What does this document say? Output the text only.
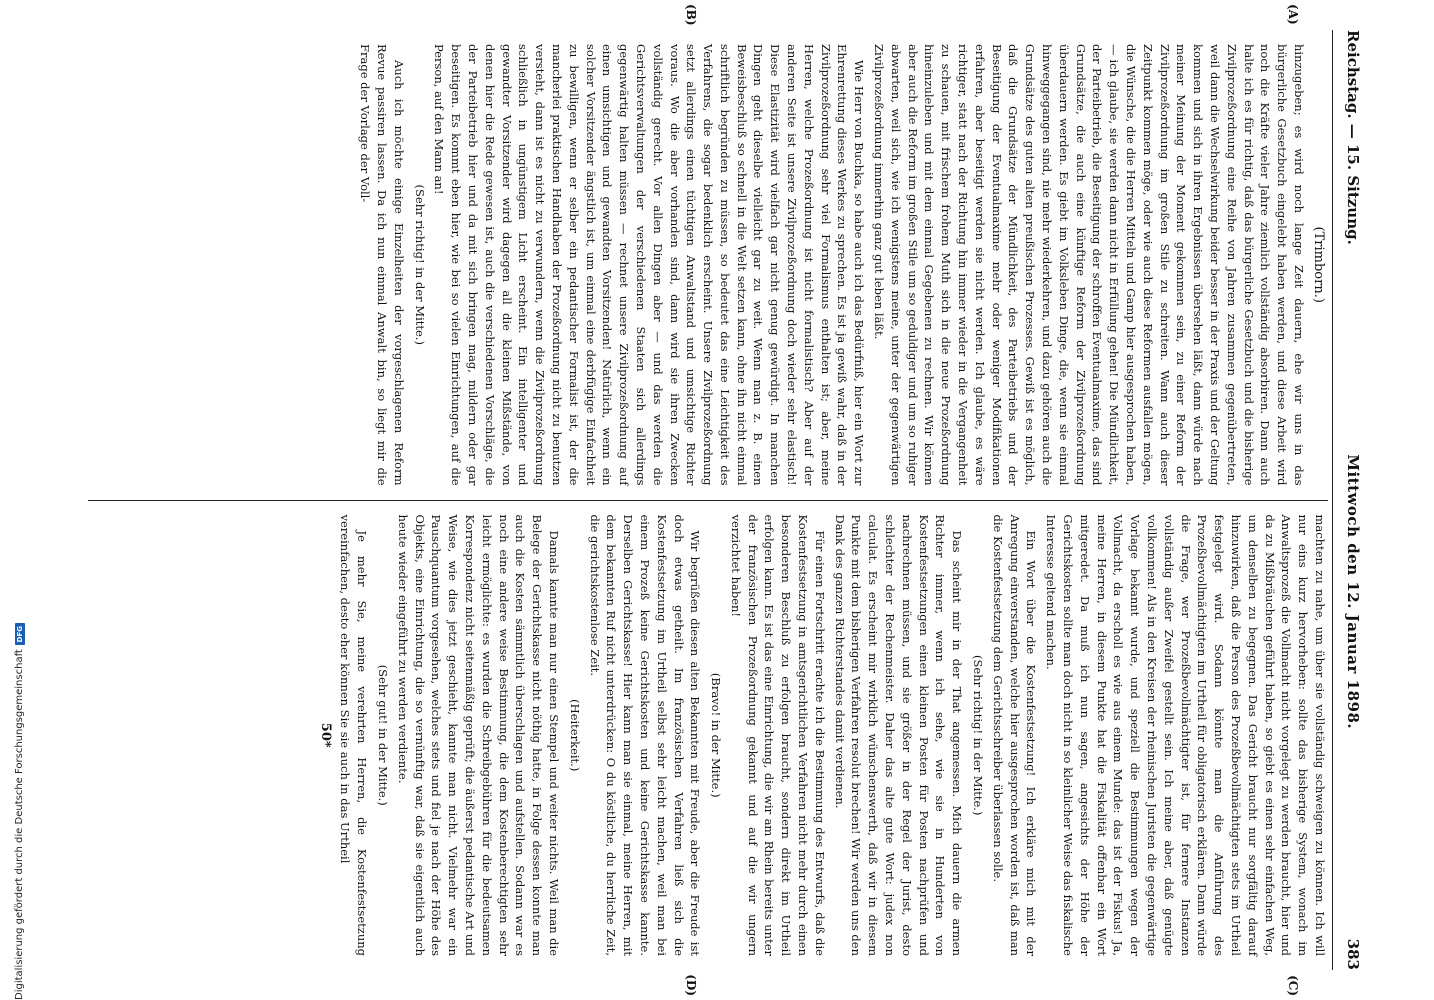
Reichstag. — 15. Sitzung.
Mittwoch den 12. Januar 1898.
383
(A)
(B)
(Trimborn.)

hinzugeben; es wird noch lange Zeit dauern, ehe wir uns in das bürgerliche Gesetzbuch eingelebt haben werden, und diese Arbeit wird noch die Kräfte vieler Jahre ziemlich vollständig absorbiren. Dann auch halte ich es für richtig, daß das bürgerliche Gesetzbuch und die bisherige Zivilprozeßordnung eine Reihe von Jahren zusammen gegenübertreten, weil dann die Wechselwirkung beider besser in der Praxis und der Geltung kommen und sich in ihren Ergebnissen übersehen läßt, dann würde nach meiner Meinung der Moment gekommen sein, zu einer Reform der Zivilprozeßordnung im großen Stile zu schreiten. Wann auch dieser Zeitpunkt kommen möge, oder wie auch diese Reformen ausfallen mögen, die Wünsche, die die Herren Mitteln und Gamp hier ausgesprochen haben, — ich glaube, sie werden dann nicht in Erfüllung gehen! Die Mündlichkeit, der Parteibetrieb, die Beseitigung der schroffen Eventualmaxime, das sind Grundsätze, die auch eine künftige Reform der Zivilprozeßordnung überdauern werden. Es giebt im Volksleben Dinge, die, wenn sie einmal hinweggegangen sind, nie mehr wiederkehren, und dazu gehören auch die Grundsätze des guten alten preußischen Prozesses. Gewiß ist es möglich, daß die Grundsätze der Mündlichkeit, des Parteibetriebs und der Beseitigung der Eventualmaxime mehr oder weniger Modifikationen erfahren, aber beseitigt werden sie nicht werden. Ich glaube, es wäre richtiger, statt nach der Richtung hin immer wieder in die Vergangenheit zu schauen, mit frischem frohem Muth sich in die neue Prozeßordnung hineinzuleben und mit dem einmal Gegebenen zu rechnen. Wir können aber auch die Reform im großen Stile um so geduldiger und um so ruhiger abwarten, weil sich, wie ich wenigstens meine, unter der gegenwärtigen Zivilprozeßordnung immerhin ganz gut leben läßt.

Wie Herr von Buchka, so habe auch ich das Bedürfniß, hier ein Wort zur Ehrenrettung dieses Werkes zu sprechen. Es ist ja gewiß wahr, daß in der Zivilprozeßordnung sehr viel Formalismus enthalten ist; aber, meine Herren, welche Prozeßordnung ist nicht formalistisch? Aber auf der anderen Seite ist unsere Zivilprozeßordnung doch wieder sehr elastisch! Diese Elastizität wird vielfach gar nicht genug gewürdigt. In manchen Dingen geht dieselbe vielleicht gar zu weit. Wenn man z. B. einen Beweisbeschluß so schnell in die Welt setzen kann, ohne ihn nicht einmal schriftlich begründen zu müssen, so bedeutet das eine Leichtigkeit des Verfahrens, die sogar bedenklich erscheint. Unsere Zivilprozeßordnung setzt allerdings einen tüchtigen Anwaltstand und umsichtige Richter voraus. Wo die aber vorhanden sind, dann wird sie ihren Zwecken vollständig gerecht. Vor allen Dingen aber — und das werden die Gerichtsverwaltungen der verschiedenen Staaten sich allerdings gegenwärtig halten müssen — rechnet unsere Zivilprozeßordnung auf einen umsichtigen und gewandten Vorsitzenden! Natürlich, wenn ein solcher Vorsitzender ängstlich ist, um einmal eine derbfügige Einfachheit zu bewilligen, wenn er selber ein pedantischer Formalist ist, der die mancherlei praktischen Handhaben der Prozeßordnung nicht zu benutzen versteht, dann ist es nicht zu verwundern, wenn die Zivilprozeßordnung schließlich in ungünstigem Licht erscheint. Ein intelligenter und gewandter Vorsitzender wird dagegen all die kleinen Mißstände, von denen hier die Rede gewesen ist, auch die verschiedenen Vorschläge, die der Parteibetrieb hier und da mit sich bringen mag, mildern oder gar beseitigen. Es kommt eben hier, wie bei so vielen Einrichtungen, auf die Person, auf den Mann an!

(Sehr richtig! in der Mitte.)

Auch ich möchte einige Einzelheiten der vorgeschlagenen Reform Revue passiren lassen. Da ich nun einmal Anwalt bin, so liegt mir die Frage der Vorlage der Voll-

(C)
(D)

machten zu nahe, um über sie vollständig schweigen zu können. Ich will nur eins kurz hervorheben: sollte das bisherige System, wonach im Anwaltsprozeß die Vollmacht nicht vorgelegt zu werden braucht, hier und da zu Mißbräuchen geführt haben, so giebt es einen sehr einfachen Weg, um denselben zu begegnen. Das Gericht braucht nur sorgfältig darauf hinzuwirken, daß die Person des Prozeßbevollmächtigten stets im Urtheil festgelegt wird. Sodann könnte man die Anführung des Prozeßbevollmächtigten im Urtheil für obligatorisch erklären. Dann würde die Frage, wer Prozeßbevollmächtigter ist, für fernere Instanzen vollständig außer Zweifel gestellt sein. Ich meine aber, daß genügte vollkommen! Als in den Kreisen der rheinischen Juristen die gegenwärtige Vorlage bekannt wurde, und speziell die Bestimmungen wegen der Vollmacht, da erscholl es wie aus einem Munde: das ist der Fiskus! Ja, meine Herren, in diesem Punkte hat die Fiskalität offenbar ein Wort mitgeredet. Da muß ich nun sagen, angesichts der Höhe der Gerichtskosten sollte man doch nicht in so kleinlicher Weise das fiskalische Interesse geltend machen.

Ein Wort über die Kostenfestsetzung! Ich erkläre mich mit der Anregung einverstanden, welche hier ausgesprochen worden ist, daß man die Kostenfestsetzung dem Gerichtsschreiber überlassen solle.

(Sehr richtig! in der Mitte.)

Das scheint mir in der That angemessen. Mich dauern die armen Richter immer, wenn ich sehe, wie sie in Hunderten von Kostenfestsetzungen einen kleinen Posten für Posten nachprüfen und nachrechnen müssen, und sie größer in der Regel der Jurist, desto schlechter der Rechenmeister. Daher das alte gute Wort: judex non calculat. Es erscheint mir wirklich wünschenswerth, daß wir in diesem Punkte mit dem bisherigen Verfahren resolut brechen! Wir werden uns den Dank des ganzen Richterstandes damit verdienen.

Für einen Fortschritt erachte ich die Bestimmung des Entwurfs, daß die Kostenfestsetzung in amtsgerichtlichen Verfahren nicht mehr durch einen besonderen Beschluß zu erfolgen braucht, sondern direkt im Urtheil erfolgen kann. Es ist das eine Einrichtung, die wir am Rhein bereits unter der französischen Prozeßordnung gekannt und auf die wir ungern verzichtet haben!

(Bravo! in der Mitte.)

Wir begrüßen diesen alten Bekannten mit Freude, aber die Freude ist doch etwas getheilt. Im französischen Verfahren ließ sich die Kostenfestsetzung im Urtheil selbst sehr leicht machen, weil man bei einem Prozeß keine Gerichtskosten und keine Gerichtskasse kannte. Derselben Gerichtskasse! Hier kann man sie einmal, meine Herren, mit dem bekannten Ruf nicht unterdrücken: O du köstliche, du herrliche Zeit, die gerichtskostenlose Zeit.

(Heiterkeit.)

Damals kannte man nur einen Stempel und weiter nichts. Weil man die Belege der Gerichtskasse nicht nöthig hatte, in Folge dessen konnte man auch die Kosten sämmtlich überschlagen und aufstellen. Sodann war es noch eine andere weise Bestimmung, die dem Kostenberechtigten sehr leicht ermöglichte: es wurden die Schreibgebühren für die bedeutsamen Korrespondenz nicht seitenmäßig geprüft; die äußerst pedantische Art und Weise, wie dies jetzt geschieht, kannte man nicht. Vielmehr war ein Pauschquantum vorgesehen, welches stets und fiel je nach der Höhe des Objekts, eine Einrichtung, die so vernünftig war, daß sie eigentlich auch heute wieder eingeführt zu werden verdiente.

(Sehr gut! in der Mitte.)

Je mehr Sie, meine verehrten Herren, die Kostenfestsetzung vereinfachen, desto eher können Sie sie auch in das Urtheil

50*
Digitalisierung gefördert durch die Deutsche Forschungsgemeinschaft
DFG
